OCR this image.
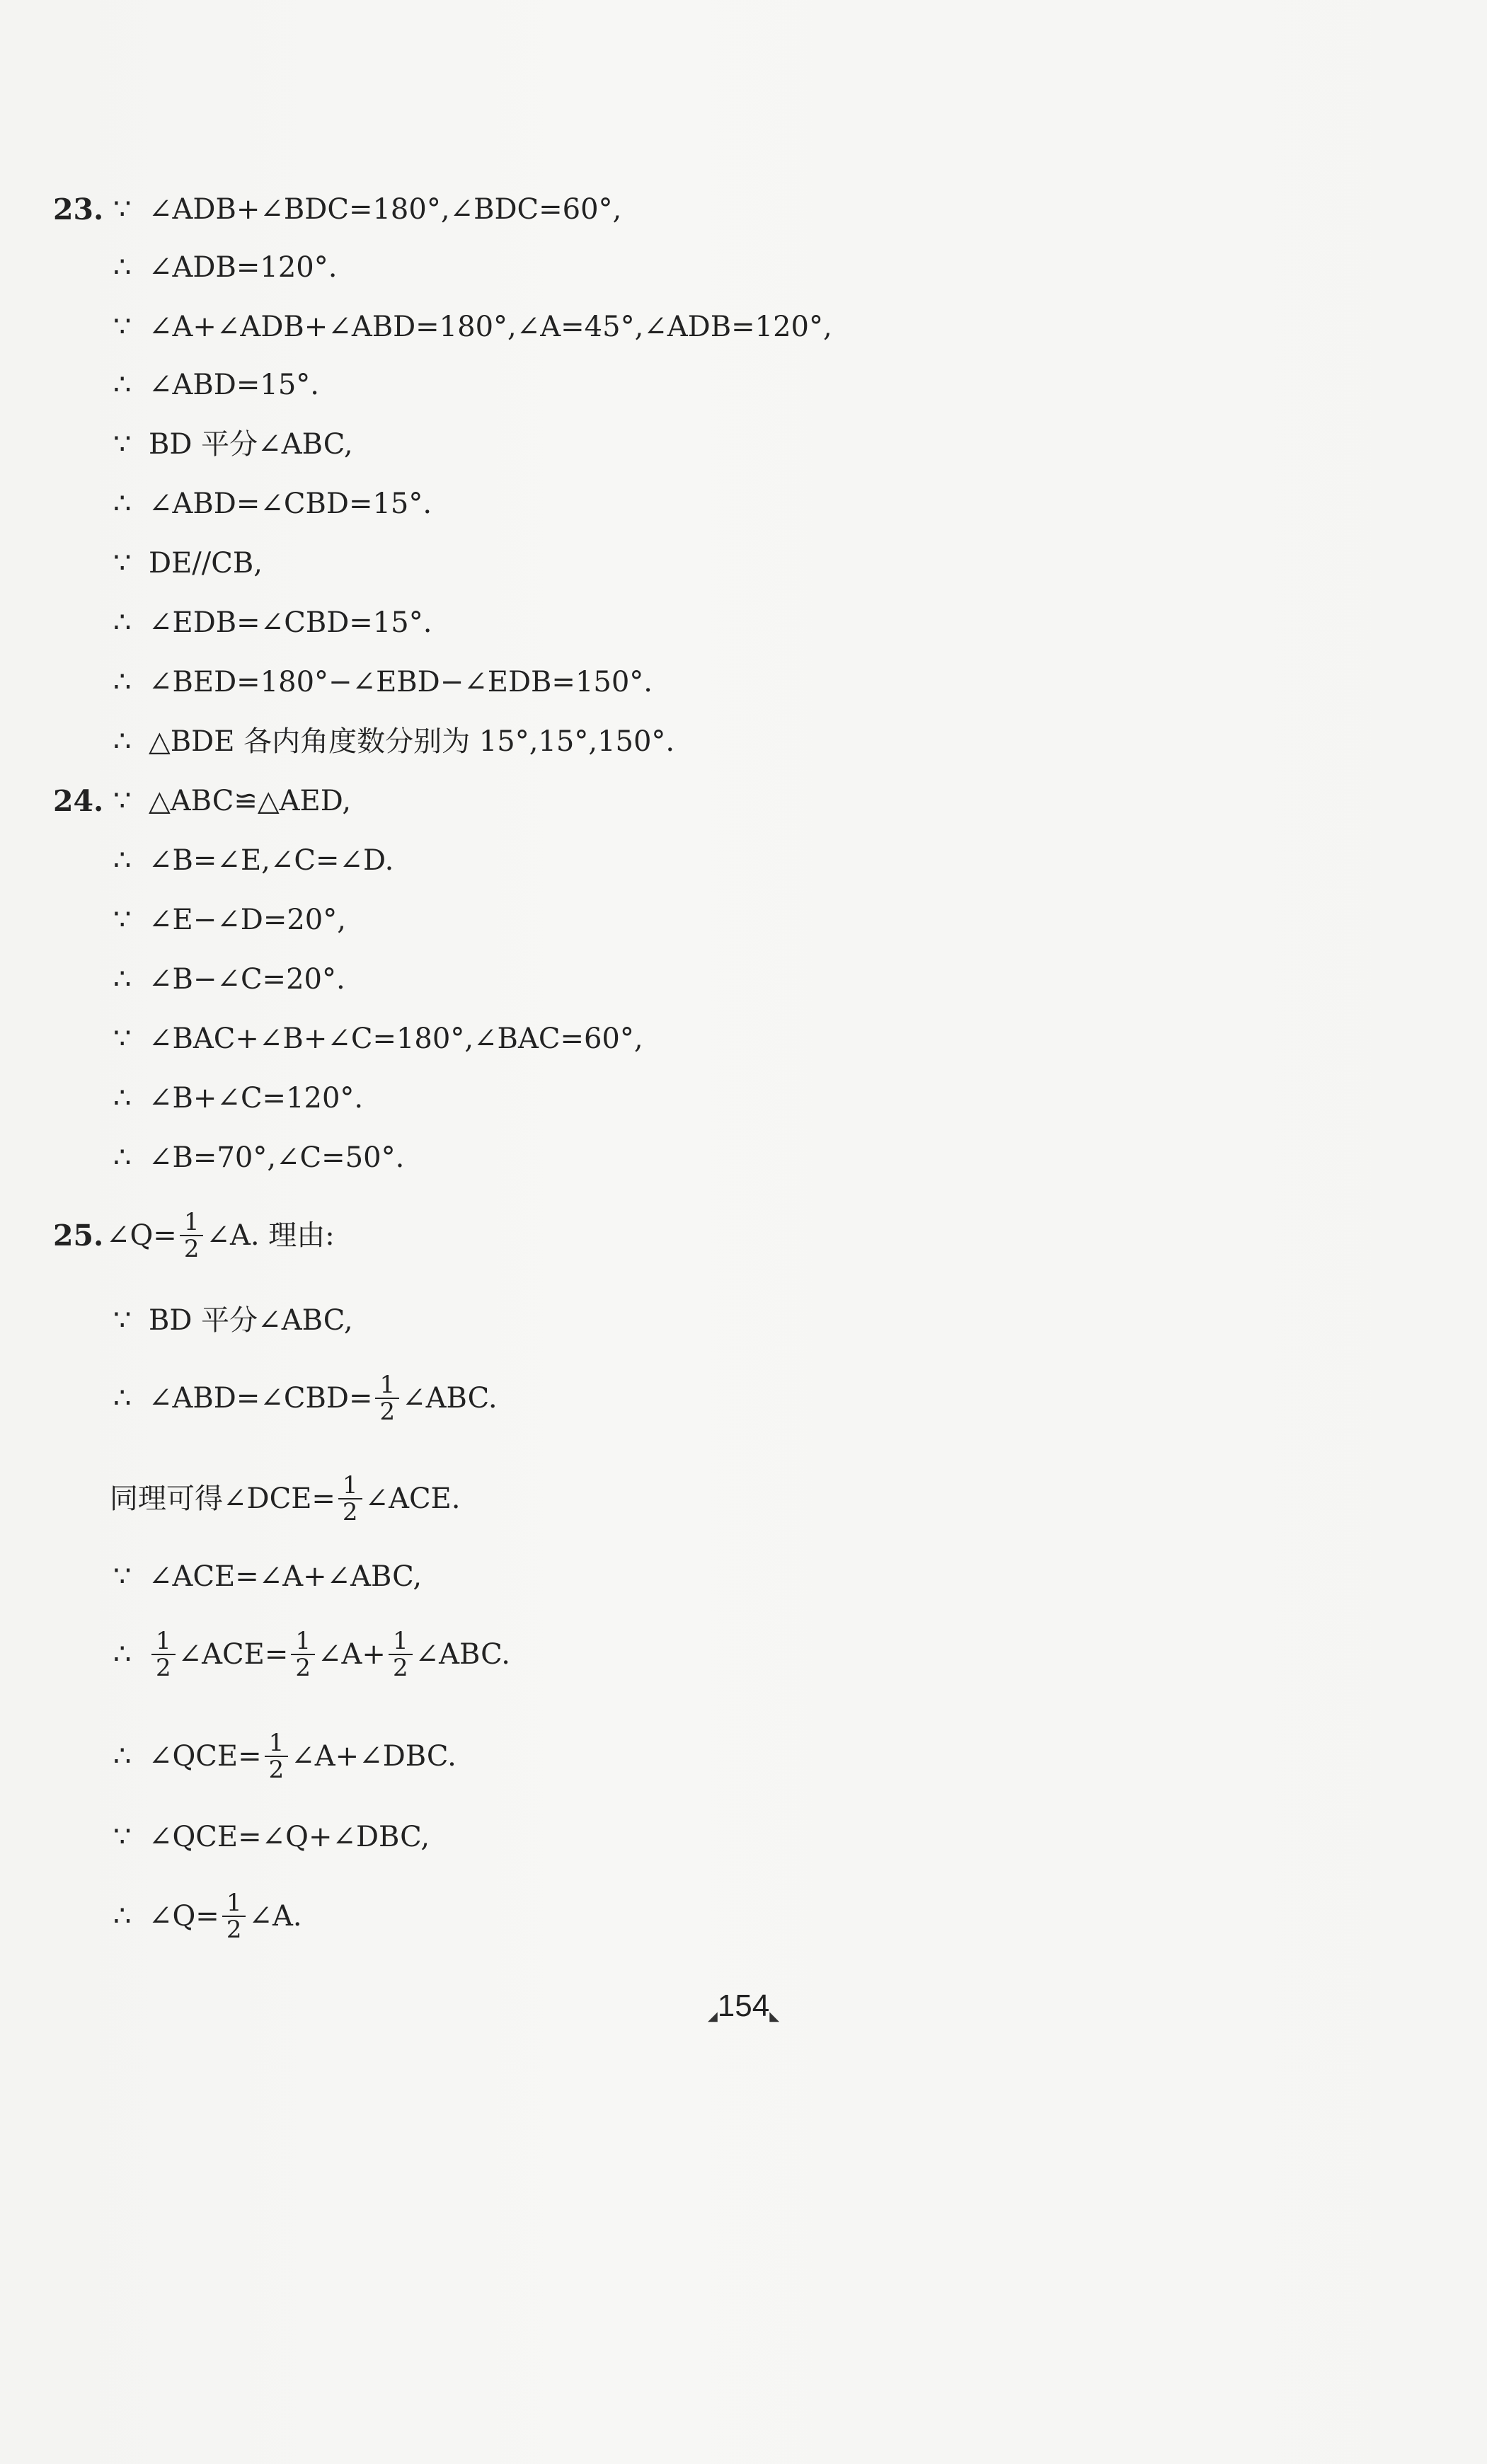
23. ∵ ∠ADB+∠BDC=180°,∠BDC=60°,
∴ ∠ADB=120°.
∵ ∠A+∠ADB+∠ABD=180°,∠A=45°,∠ADB=120°,
∴ ∠ABD=15°.
∵ BD 平分∠ABC,
∴ ∠ABD=∠CBD=15°.
∵ DE//CB,
∴ ∠EDB=∠CBD=15°.
∴ ∠BED=180°−∠EBD−∠EDB=150°.
∴ △BDE 各内角度数分别为 15°,15°,150°.
24. ∵ △ABC≌△AED,
∴ ∠B=∠E,∠C=∠D.
∵ ∠E−∠D=20°,
∴ ∠B−∠C=20°.
∵ ∠BAC+∠B+∠C=180°,∠BAC=60°,
∴ ∠B+∠C=120°.
∴ ∠B=70°,∠C=50°.
25. ∠Q= $\frac{1}{2}$ ∠A. 理由:
∵ BD 平分∠ABC,
∴ ∠ABD=∠CBD= $\frac{1}{2}$ ∠ABC.
同理可得∠DCE= $\frac{1}{2}$ ∠ACE.
∵ ∠ACE=∠A+∠ABC,
∴ $\frac{1}{2}$ ∠ACE= $\frac{1}{2}$ ∠A+ $\frac{1}{2}$ ∠ABC.
∴ ∠QCE= $\frac{1}{2}$ ∠A+∠DBC.
∵ ∠QCE=∠Q+∠DBC,
∴ ∠Q= $\frac{1}{2}$ ∠A.
◢154◣
